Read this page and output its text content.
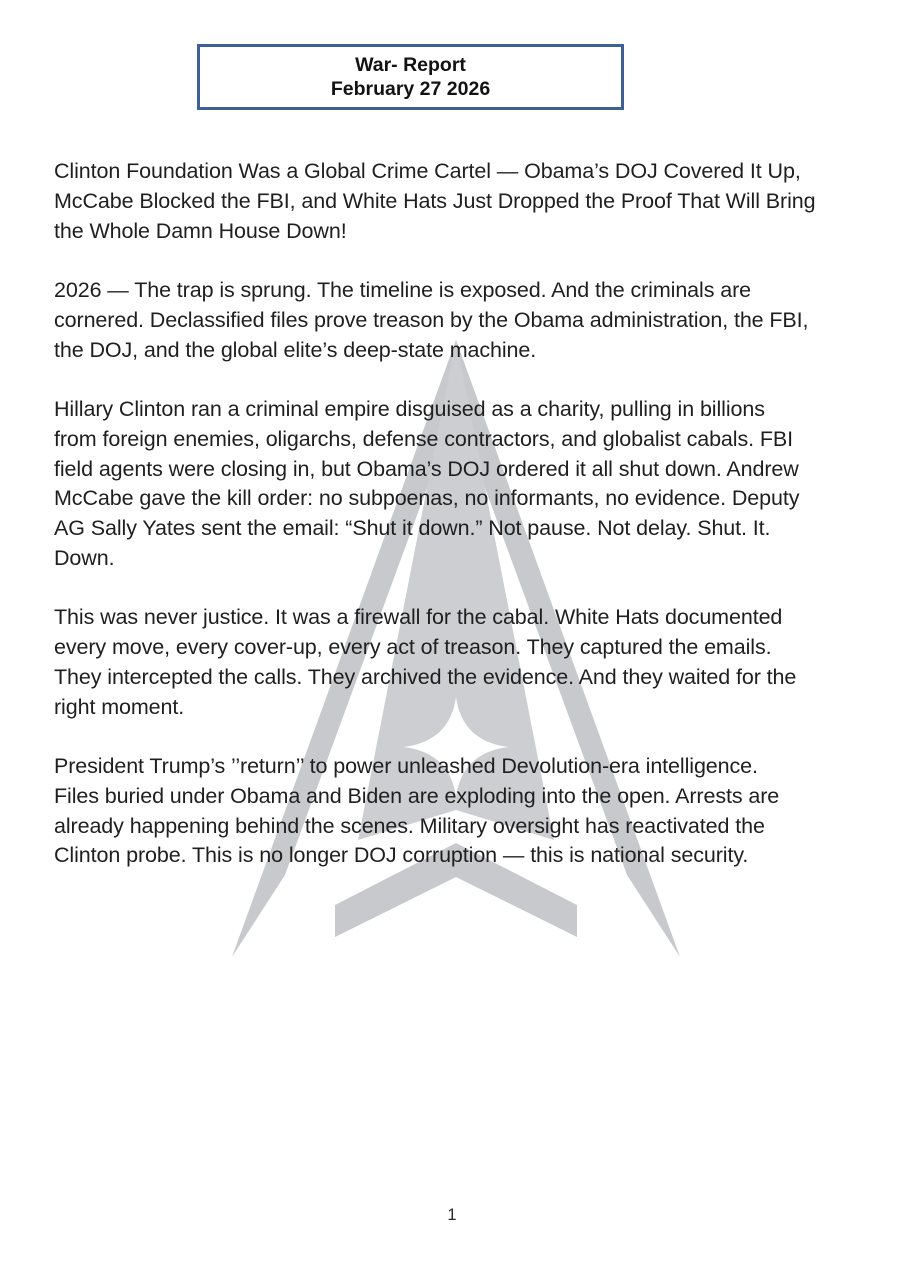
War- Report
February 27 2026

Clinton Foundation Was a Global Crime Cartel — Obama’s DOJ Covered It Up,
McCabe Blocked the FBI, and White Hats Just Dropped the Proof That Will Bring
the Whole Damn House Down!

2026 — The trap is sprung. The timeline is exposed. And the criminals are
cornered. Declassified files prove treason by the Obama administration, the FBI,
the DOJ, and the global elite’s deep-state machine.

Hillary Clinton ran a criminal empire disguised as a charity, pulling in billions
from foreign enemies, oligarchs, defense contractors, and globalist cabals. FBI
field agents were closing in, but Obama’s DOJ ordered it all shut down. Andrew
McCabe gave the kill order: no subpoenas, no informants, no evidence. Deputy
AG Sally Yates sent the email: “Shut it down.” Not pause. Not delay. Shut. It.
Down.

This was never justice. It was a firewall for the cabal. White Hats documented
every move, every cover-up, every act of treason. They captured the emails.
They intercepted the calls. They archived the evidence. And they waited for the
right moment.

President Trump’s ’’return’’ to power unleashed Devolution-era intelligence.
Files buried under Obama and Biden are exploding into the open. Arrests are
already happening behind the scenes. Military oversight has reactivated the
Clinton probe. This is no longer DOJ corruption — this is national security.

1
